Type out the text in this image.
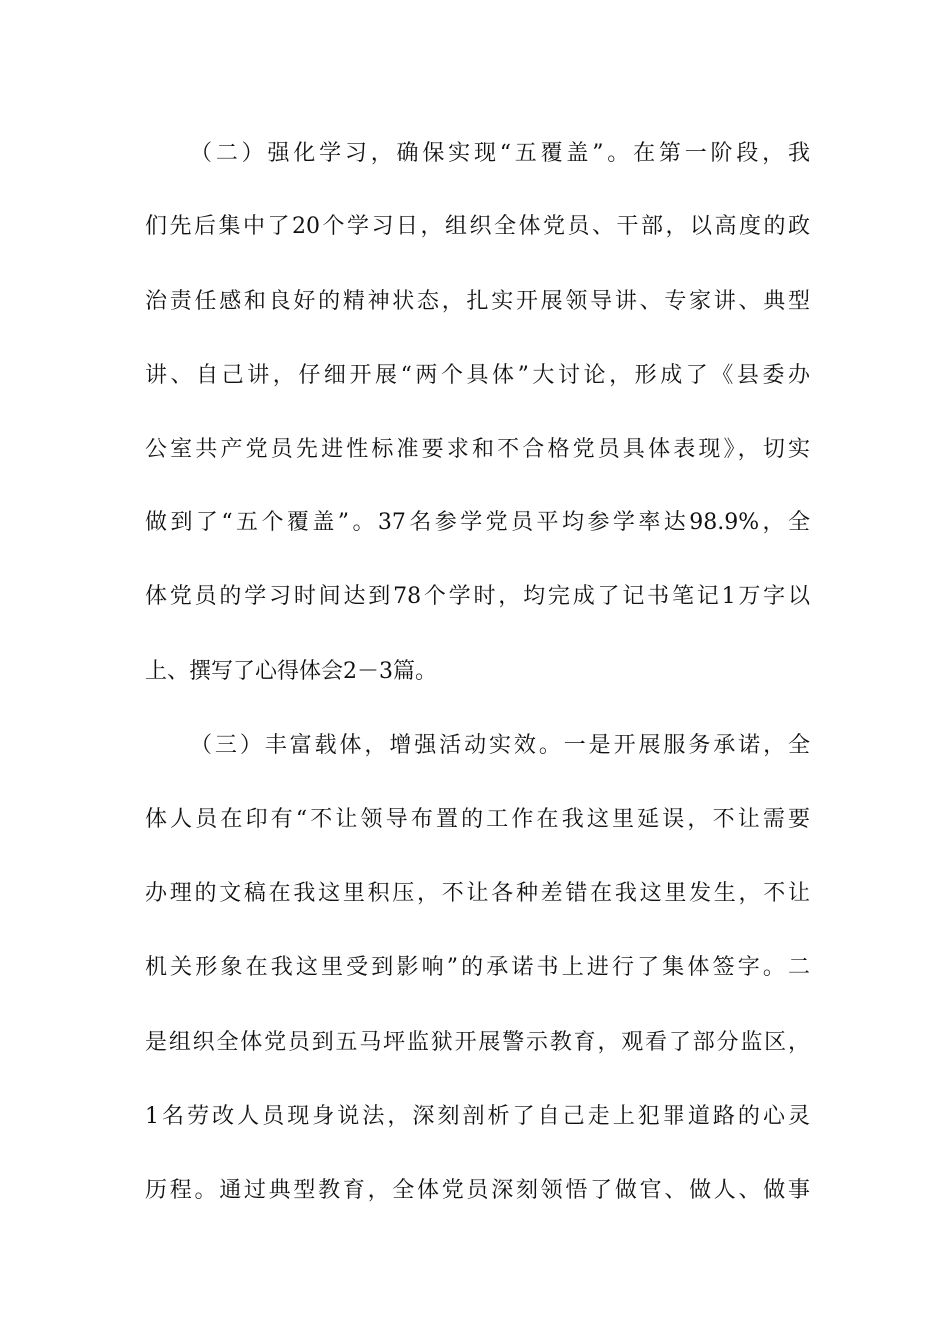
（二）强化学习，确保实现“五覆盖”。在第一阶段，我
们先后集中了20个学习日，组织全体党员、干部，以高度的政
治责任感和良好的精神状态，扎实开展领导讲、专家讲、典型
讲、自己讲，仔细开展“两个具体”大讨论，形成了《县委办
公室共产党员先进性标准要求和不合格党员具体表现》，切实
做到了“五个覆盖”。37名参学党员平均参学率达98.9%，全
体党员的学习时间达到78个学时，均完成了记书笔记1万字以
上、撰写了心得体会2－3篇。
（三）丰富载体，增强活动实效。一是开展服务承诺，全
体人员在印有“不让领导布置的工作在我这里延误，不让需要
办理的文稿在我这里积压，不让各种差错在我这里发生，不让
机关形象在我这里受到影响”的承诺书上进行了集体签字。二
是组织全体党员到五马坪监狱开展警示教育，观看了部分监区，
1名劳改人员现身说法，深刻剖析了自己走上犯罪道路的心灵
历程。通过典型教育，全体党员深刻领悟了做官、做人、做事
